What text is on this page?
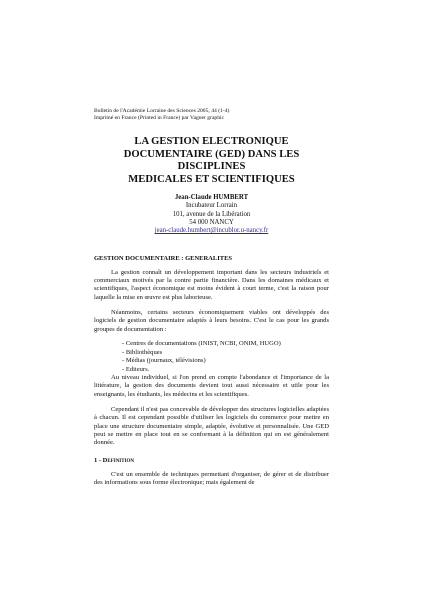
Bulletin de l'Académie Lorraine des Sciences 2005, 44 (1-4)
Imprimé en France (Printed in France) par Vagner graphic
LA GESTION ELECTRONIQUE
DOCUMENTAIRE (GED) DANS LES DISCIPLINES
MEDICALES ET SCIENTIFIQUES
Jean-Claude HUMBERT
Incubateur Lorrain
101, avenue de la Libération
54 000 NANCY
jean-claude.humbert@incublor.u-nancy.fr
GESTION DOCUMENTAIRE : GENERALITES

La gestion connaît un développement important dans les secteurs industriels et commerciaux motivés par la contre partie financière. Dans les domaines médicaux et scientifiques, l'aspect économique est moins évident à court terme, c'est la raison pour laquelle la mise en œuvre est plus laborieuse.

Néanmoins, certains secteurs économiquement viables ont développés des logiciels de gestion documentaire adaptés à leurs besoins. C'est le cas pour les grands groupes de documentation :

- Centres de documentations (INIST, NCBI, ONIM, HUGO)
- Bibliothèques
- Médias (journaux, télévisions)
- Editeurs.

Au niveau individuel, si l'on prend en compte l'abondance et l'importance de la littérature, la gestion des documents devient tout aussi nécessaire et utile pour les enseignants, les étudiants, les médecins et les scientifiques.

Cependant il n'est pas concevable de développer des structures logicielles adaptées à chacun. Il est cependant possible d'utiliser les logiciels du commerce pour mettre en place une structure documentaire simple, adaptée, évolutive et personnalisée. Une GED peut se mettre en place tout en se conformant à la définition qui en est généralement donnée.

1 - Definition

C'est un ensemble de techniques permettant d'organiser, de gérer et de distribuer des informations sous forme électronique; mais également de
